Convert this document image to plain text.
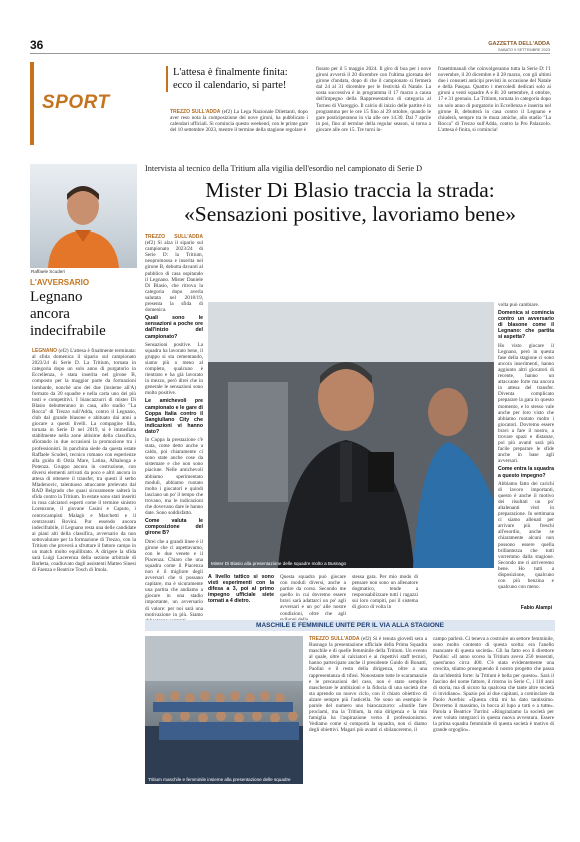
36	GAZZETTA DELL'ADDA
SABATO 9 SETTEMBRE 2023
SPORT
L'attesa è finalmente finita:
ecco il calendario, si parte!
TREZZO SULL'ADDA (ef2) La Lega Nazionale Dilettanti, dopo aver reso nota la composizione dei nove gironi, ha pubblicato i calendari ufficiali. Si comincia questo weekend, con le prime gare del 10 settembre 2023, mentre il termine della stagione regolare è
fissato per il 5 maggio 2024. Il giro di boa per i nove gironi avverrà il 20 dicembre con l'ultima giornata del girone d'andata, dopo di che il campionato si fermerà dal 24 al 31 dicembre per le festività di Natale. La sosta successiva è in programma il 17 marzo a causa dell'impegno della Rappresentativa di categoria al Torneo di Viareggio. Il calcio di inizio delle partite è in programma per le ore 15 fino al 29 ottobre, quando le gare posticiperanno in via alle ore 14.30. Dal 7 aprile in poi, fino al termine della regular season, si torna a giocare alle ore 15. Tre turni in-
frasettimanali che coinvolgeranno tutta la Serie D: l'1 novembre, il 20 dicembre e il 28 marzo, con gli ultimi due i consueti anticipi previsti in occasione del Natale e della Pasqua. Quattro i mercoledì dedicati solo ai gironi a venti squadre A e B: 20 settembre, 4 ottobre, 17 e 31 gennaio. La Tritium, tornata in categoria dopo un solo anno di purgatorio in Eccellenza e inserita nel girone B, debutterà in casa contro il Legnano e chiuderà, sempre tra le mura amiche, allo stadio "La Rocca" di Trezzo sull'Adda, contro la Pro Palazzolo. L'attesa è finita, si comincia!
Intervista al tecnico della Tritium alla vigilia dell'esordio nel campionato di Serie D
Mister Di Blasio traccia la strada:
«Sensazioni positive, lavoriamo bene»
Raffaele Scuderi
L'AVVERSARIO
Legnano
ancora
indecifrabile
LEGNANO (ef2) L'attesa è finalmente terminata: al sfida domenica il sipario sul campionato 2023/24 di Serie D. La Tritium, tornata in categoria dopo un solo anno di purgatorio in Eccellenza, è stata inserita nel girone B, composto per la maggior parte da formazioni lombarde, nonché uno dei due (insieme all'A) formato da 20 squadre e nella carta uno dei più tosti e competitivi. I biancazzurri di mister Di Blasio debutteranno in casa, allo stadio "La Rocca" di Trezzo sull'Adda, contro il Legnano, club dal grande blasone e abituato dai anni a giocare a questi livelli. La compagine lilla, tornata in Serie D nel 2019, si è immediata stabilmente nella zone altisime della classifica, sfiorando in due occasioni la promozione tra i professionisti. In panchina siede da questa estate Raffaele Scuderi, tecnico romano con esperienze alla guida di Ostia Mare, Latina, Albalonga e Potenza. Gruppo ancora in costruzione, con diversi elementi arrivati da poco e altri ancora in attesa di ottenere il transfer, tra questi il serbo Mladenovic, talentuoso attaccante prelevato dal RAD Belgrado che quasi sicuramente salterà la sfida contro la Tritium. In estate sono stati inseriti in rosa calciatori esperti come il termine sinistro Lorenzone, il giovane Casini e Caputo, i centrocampisti Malagò e Marchetti e il centravanti Rovini. Pur essendo ancora indecifrabile, il Legnano resta una delle candidate ai piani alti della classifica, avversario da non sottovalutare per la formazione di Trezzo, con la Tritium che proverà a sfruttare il fattore campo in un match molto equilibrato. A dirigere la sfida sarà Luigi Lacerenza della sezione arbitrale di Barletta, coadiuvato dagli assistenti Matteo Sinesi di Faenza e Beatrice Tosch di Imola.

TREZZO SULL'ADDA (ef2) Si alza il sipario sul campionato 2023/24 di Serie D: la Tritium, neopromossa e inserita nel girone B, debutta davanti al pubblico di casa ospitando il Legnano. Mister Daniele Di Blasio, che ritrova la categoria dopo averla salutata nel 2018/19, presenta la sfida di domenica.

Quali sono le sensazioni a poche ore dall'inizio del campionato?

Sensazioni positive. La squadra ha lavorato bene, il gruppo si sta cementando, siamo più o meno al completo, qualcuno è rientrato e ha già lavorato in mezzo, però direi che in generale le sensazioni sono molto positive.

Le amichevoli pre campionato e le gare di Coppa Italia contro il Sangiuliano City che indicazioni vi hanno dato?

In Coppa la prestazione c'è stata, come detto anche a caldo, poi chiaramente ci sono state anche cose da sistemare e che non sono piaciute. Nelle amichevoli abbiamo sperimentato moduli, abbiamo ruotato molto i giocatori e quindi lasciano un po' il tempo che trovano, ma le indicazioni che dovevano dare le hanno date. Sono soddisfatto.

Come valuta le composizione del girone B?

Direi che a grandi linee è il girone che ci aspettavamo, con le due venete e il Piacenza. Chiaro che una squadra come il Piacenza non è il migliore degli avversari che ti possano capitare, ma è sicuramente una partita che andiamo a giocare in una stadio importante, un avversario di valore: per noi sarà una motivazione in più. Siamo

Mister Di Blasio alla presentazione delle squadre molto a Busnago

A livello tattico si sono visti esperimenti con la difesa a 3, poi al primo impegno ufficiale siete tornati a 4 dietro.

Questa squadra può giocare con moduli diversi, anche a partire da corso. Secondo me quello in cui dovremo essere bravi sarà adattarci un po' agli avversari e un po' alle nostre condizioni, oltre che agli
stessa gara. Per mio modo di pensare non sono un allenatore dogmatico, tende a responsabilizzare tutti i ragazzi sui loro compiti, poi il sistema di gioco di volta in

volta può cambiare.

Domenica si comincia contro un avversario di blasone come il Legnano: che partita si aspetta?

Ho visto giocare il Legnano, però in questa fase della stagione ci sono ancora inserimenti, hanno aggiunto altri giocatori di recente, hanno un attaccante forte ma ancora in attesa del transfer. Diventa complicato preparare la gara in questo momento, e lo stesso vale anche per loro visto che abbiamo ruotato molto i giocatori. Dovremo essere bravi a fare il nostro, a trovare spazi e distanze, poi più avanti sarà più facile preparare le sfide anche in base agli avversari.

Come entra la squadra a questo impegno?

Abbiamo fatto dei carichi di lavoro importanti, questo è anche il motivo dei risultati un po' altalenanti visti in preparazione. In settimana ci siamo allenati per arrivare più freschi all'esordio, anche se chiaramente alcuni non possono essere quella brillantezza che tutti vorremmo dalla stagione. Secondo me ci arriveremo bene. Ho tutti a disposizione, qualcuno con più benzina e qualcuno con meno.

Fabio Alampi
MASCHILE E FEMMINILE UNITE PER IL VIA ALLA STAGIONE
Tritium maschile e femminile insieme alla presentazione delle squadre
TREZZO SULL'ADDA (ef2) Si è tenuta giovedì sera a Busnago la presentazione ufficiale della Prima Squadra maschile e di quelle femminile della Tritium. Un evento al quale, oltre ai calciatori e ai rispettivi staff tecnici, hanno partecipato anche il presidente Guido di Bonatti, Paolini e il resto della dirigenza, oltre a una rappresentanza di tifosi. Nonostante tutte le scaramanzie e le precauzioni del caso, non è stato semplice mascherare le ambizioni e la fiducia di una società che sta aprendo un nuovo ciclo, con il chiaro obiettivo di alzare sempre più l'asticella. Ne sono un esempio le parole del numero uno biancazzurro: «Inutile fare proclami, ma la Tritium, la mia dirigenza e la mia famiglia ha l'aspirazione verso il professionismo. Vediamo come si comportà la squadra, non ci diamo degli obiettivi. Magari più avanti ci sbilanceremo, il
campo parlerà. Ci teneva a costruire un settore femminile, sono molto contento di questa scelta: era l'anello mancante di questa società». Gli ha fatto eco il direttore Paolini: «Il anno scorso la Tritium aveva 250 tesserati, quest'anno circa 400. C'è stata evidentemente una crescita, stiamo proseguendo il nostro progetto che passa da un'identità forte: la Tritium è bella per questo». Sarà il fascino del nome fattore, il ritorno in Serie C, i 110 anni di storia, ma di sicuro ha qualcosa che tante altre società ci invidiano». Spazio poi al due capitani, a cominciare da Paolo Acerbis: «Questa città mi ha dato tantissimo. Dovremo il massimo, in bocca al lupo a tutti e a tutte». Parola a Beatrice Turrini: «Ringraziamo la società per aver voluto integrarci in questa nuova avventura. Essere la prima squadra femminile di questa società è motivo di grande orgoglio».
